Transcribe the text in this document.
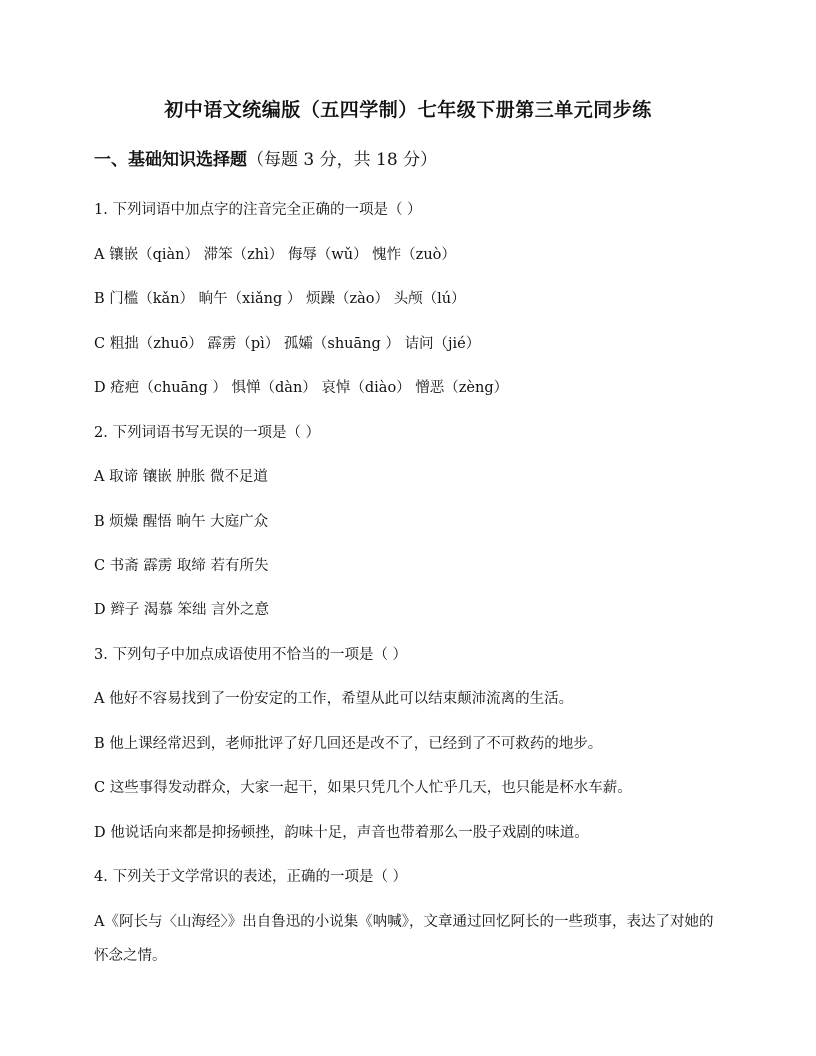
初中语文统编版（五四学制）七年级下册第三单元同步练
一、基础知识选择题（每题 3 分，共 18 分）
1. 下列词语中加点字的注音完全正确的一项是（ ）
A 镶嵌（qiàn） 滞笨（zhì） 侮辱（wǔ） 愧怍（zuò）
B 门槛（kǎn） 晌午（xiǎng ） 烦躁（zào） 头颅（lú）
C 粗拙（zhuō） 霹雳（pì） 孤孀（shuāng ） 诘问（jié）
D 疮疤（chuāng ） 惧惮（dàn） 哀悼（diào） 憎恶（zèng）
2. 下列词语书写无误的一项是（ ）
A 取谛 镶嵌 肿胀 微不足道
B 烦燥 醒悟 晌午 大庭广众
C 书斋 霹雳 取缔 若有所失
D 辫子 渴慕 笨绌 言外之意
3. 下列句子中加点成语使用不恰当的一项是（ ）
A 他好不容易找到了一份安定的工作，希望从此可以结束颠沛流离的生活。
B 他上课经常迟到，老师批评了好几回还是改不了，已经到了不可救药的地步。
C 这些事得发动群众，大家一起干，如果只凭几个人忙乎几天，也只能是杯水车薪。
D 他说话向来都是抑扬顿挫，韵味十足，声音也带着那么一股子戏剧的味道。
4. 下列关于文学常识的表述，正确的一项是（ ）
A《阿长与〈山海经〉》出自鲁迅的小说集《呐喊》，文章通过回忆阿长的一些琐事，表达了对她的怀念之情。
